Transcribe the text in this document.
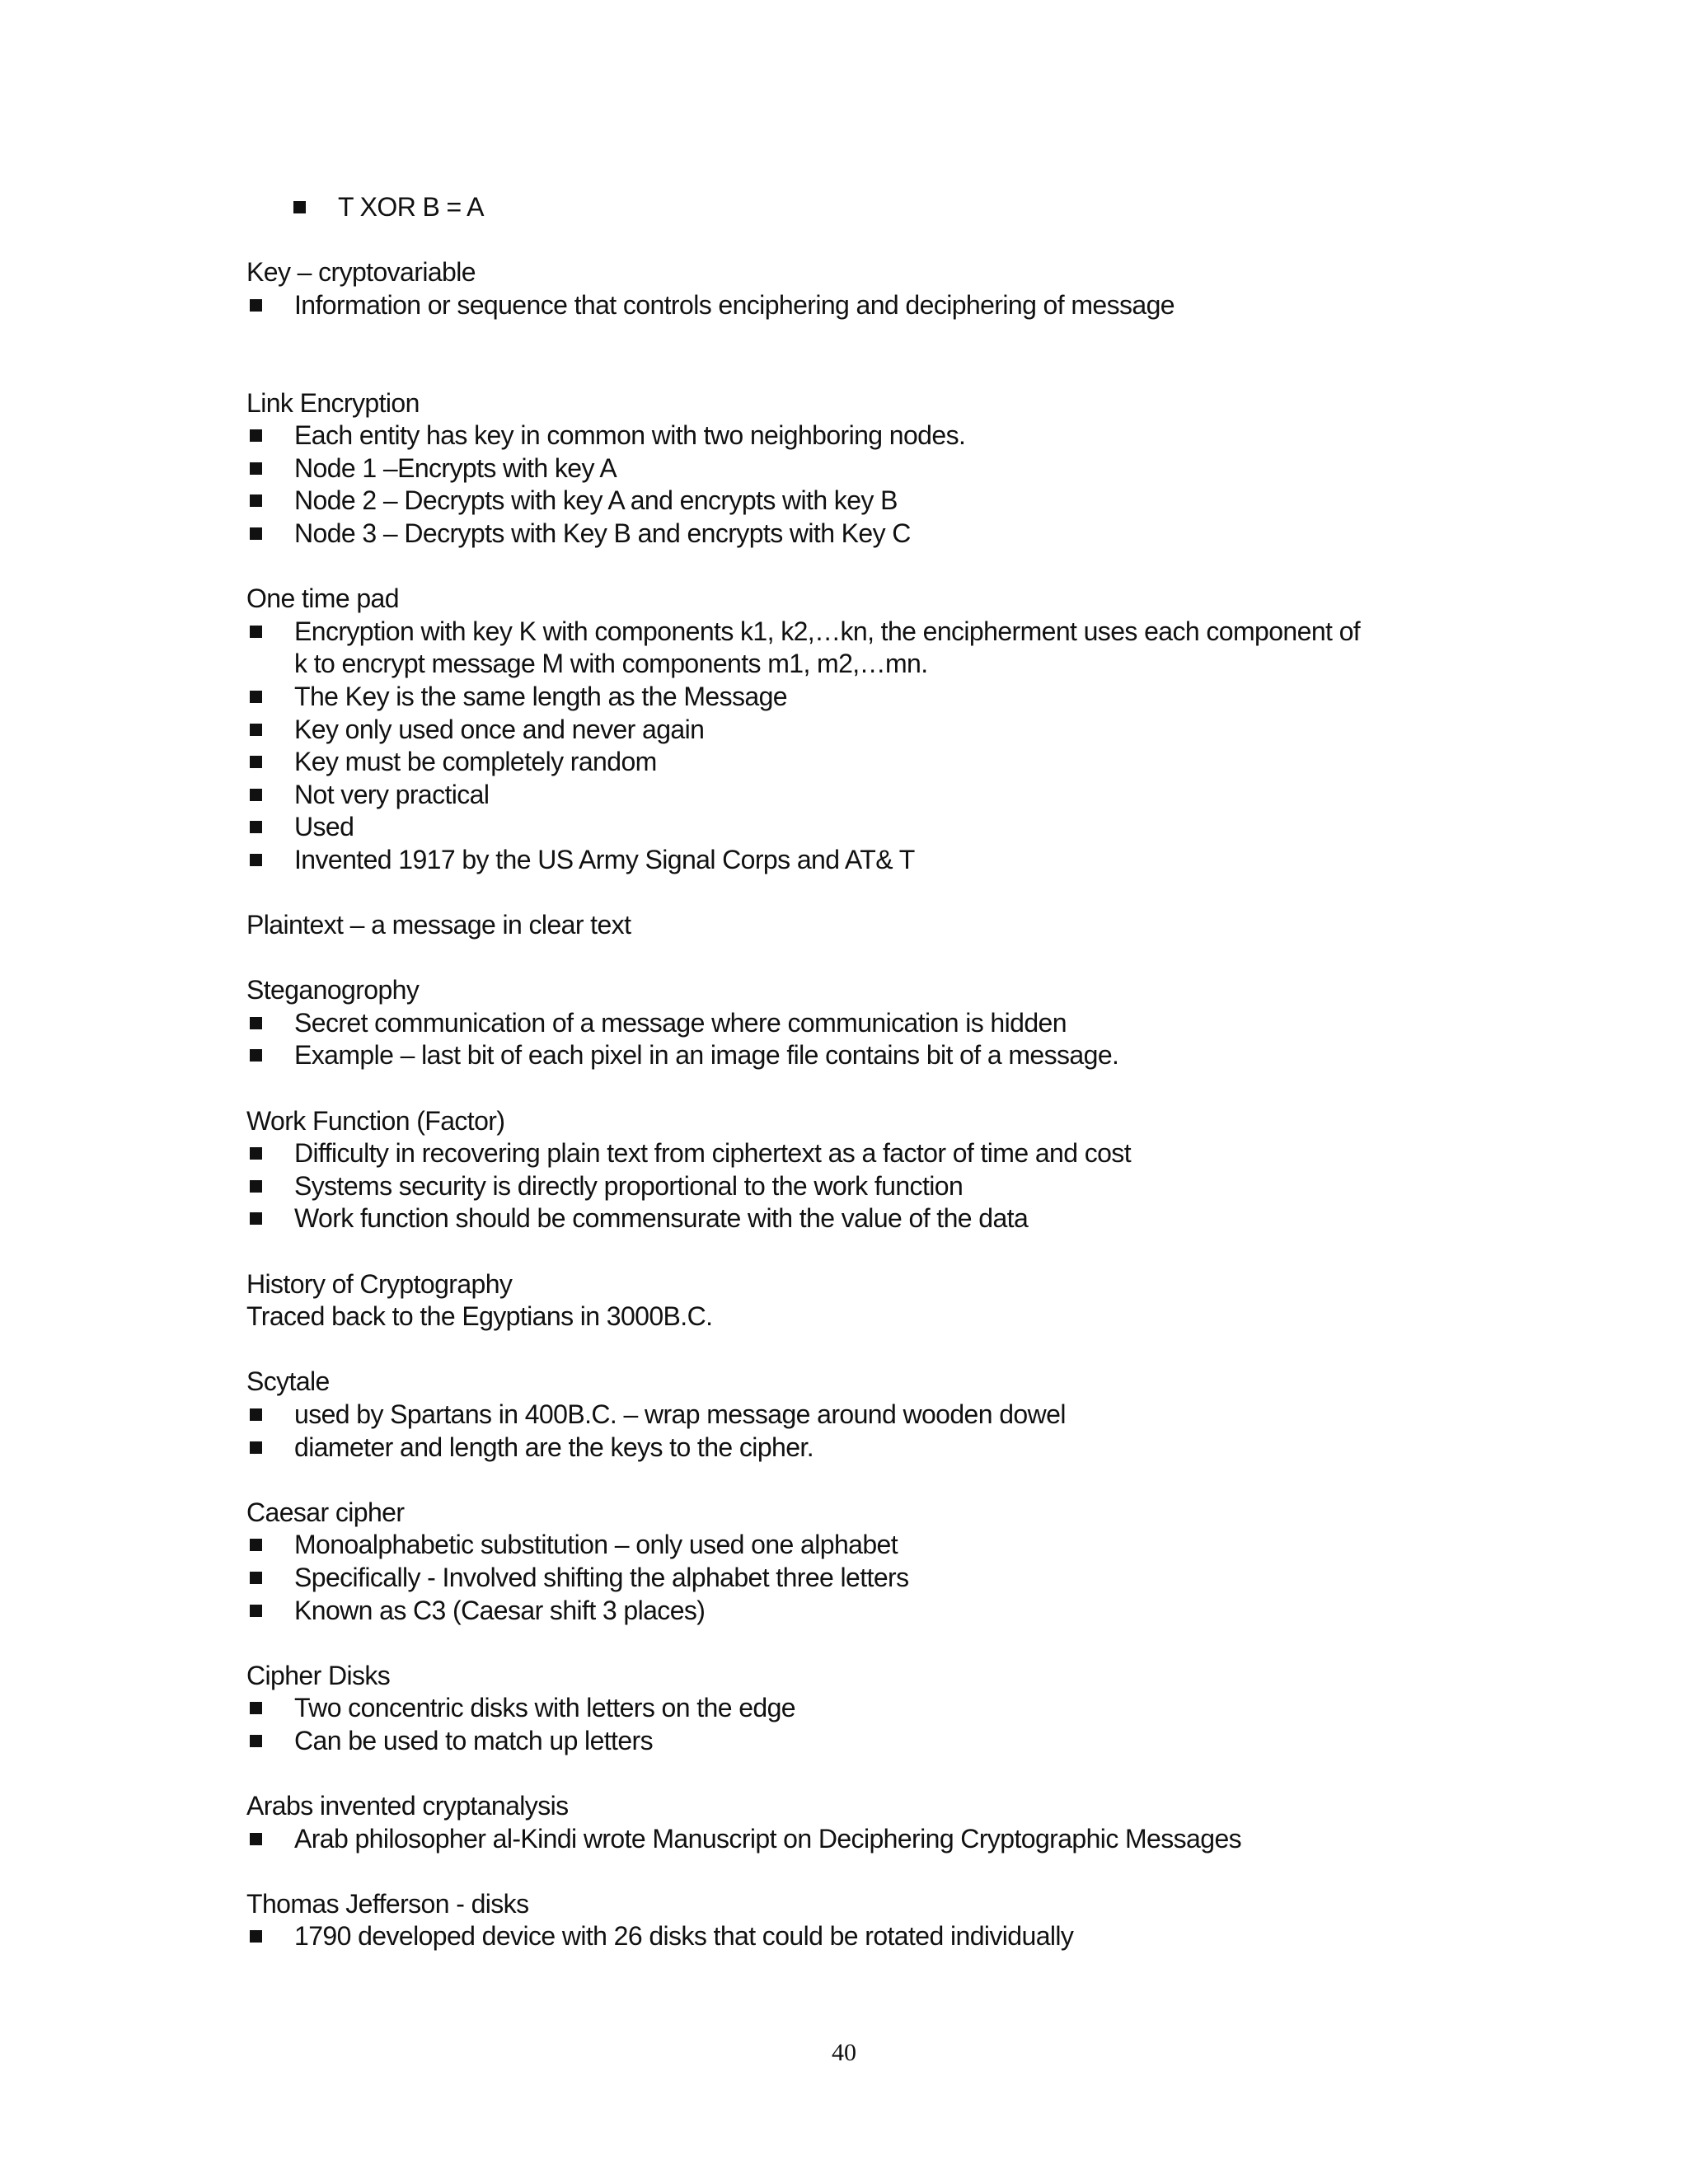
T XOR B = A
Key – cryptovariable
Information or sequence that controls enciphering and deciphering of message
Link Encryption
Each entity has key in common with two neighboring nodes.
Node 1 –Encrypts with key A
Node 2 – Decrypts with key A and encrypts with key B
Node 3 – Decrypts with Key B and encrypts with Key C
One time pad
Encryption with key K with components k1, k2,…kn, the encipherment uses each component of
k to encrypt message M with components m1, m2,…mn.
The Key is the same length as the Message
Key only used once and never again
Key must be completely random
Not very practical
Used
Invented 1917 by the US Army Signal Corps and AT& T
Plaintext – a message in clear text
Steganogrophy
Secret communication of a message where communication is hidden
Example – last bit of each pixel in an image file contains bit of a message.
Work Function (Factor)
Difficulty in recovering plain text from ciphertext as a factor of time and cost
Systems security is directly proportional to the work function
Work function should be commensurate with the value of the data
History of Cryptography
Traced back to the Egyptians in 3000B.C.
Scytale
used by Spartans in 400B.C. – wrap message around wooden dowel
diameter and length are the keys to the cipher.
Caesar cipher
Monoalphabetic substitution – only used one alphabet
Specifically - Involved shifting the alphabet three letters
Known as C3 (Caesar shift 3 places)
Cipher Disks
Two concentric disks with letters on the edge
Can be used to match up letters
Arabs invented cryptanalysis
Arab philosopher al-Kindi wrote Manuscript on Deciphering Cryptographic Messages
Thomas Jefferson - disks
1790 developed device with 26 disks that could be rotated individually
40
